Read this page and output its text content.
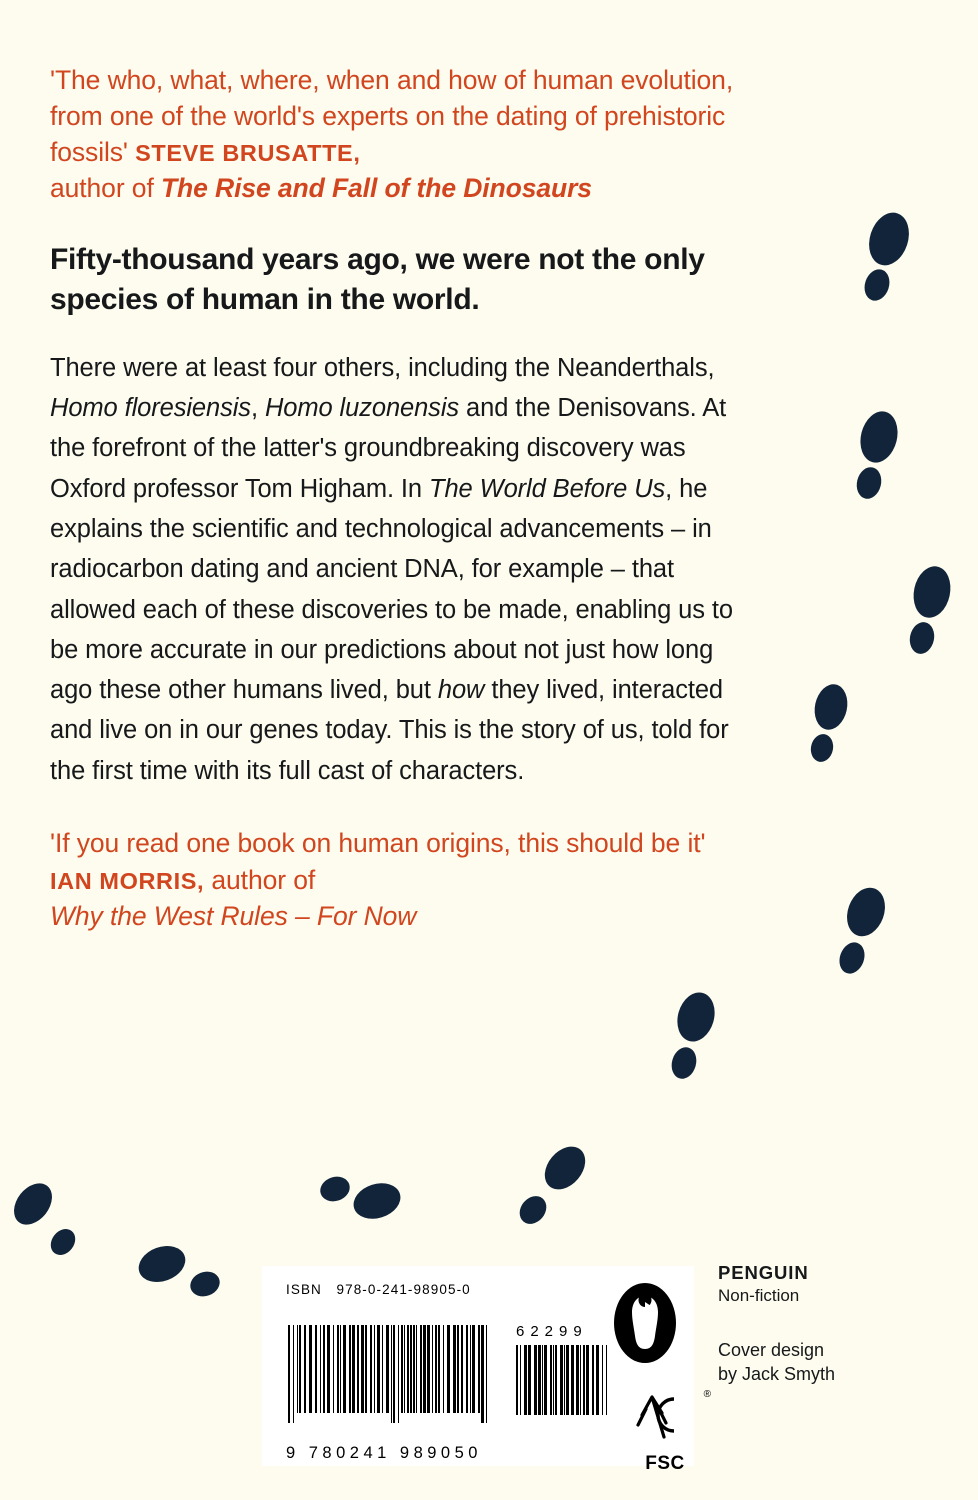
'The who, what, where, when and how of human evolution, from one of the world's experts on the dating of prehistoric fossils' STEVE BRUSATTE,
author of The Rise and Fall of the Dinosaurs

Fifty-thousand years ago, we were not the only species of human in the world.

There were at least four others, including the Neanderthals, Homo floresiensis, Homo luzonensis and the Denisovans. At the forefront of the latter's groundbreaking discovery was Oxford professor Tom Higham. In The World Before Us, he explains the scientific and technological advancements – in radiocarbon dating and ancient DNA, for example – that allowed each of these discoveries to be made, enabling us to be more accurate in our predictions about not just how long ago these other humans lived, but how they lived, interacted and live on in our genes today. This is the story of us, told for the first time with its full cast of characters.

'If you read one book on human origins, this should be it' IAN MORRIS, author of
Why the West Rules – For Now

ISBN 978-0-241-98905-0
62299
FSC
®
9 780241 989050
PENGUIN
Non-fiction
Cover design
by Jack Smyth
